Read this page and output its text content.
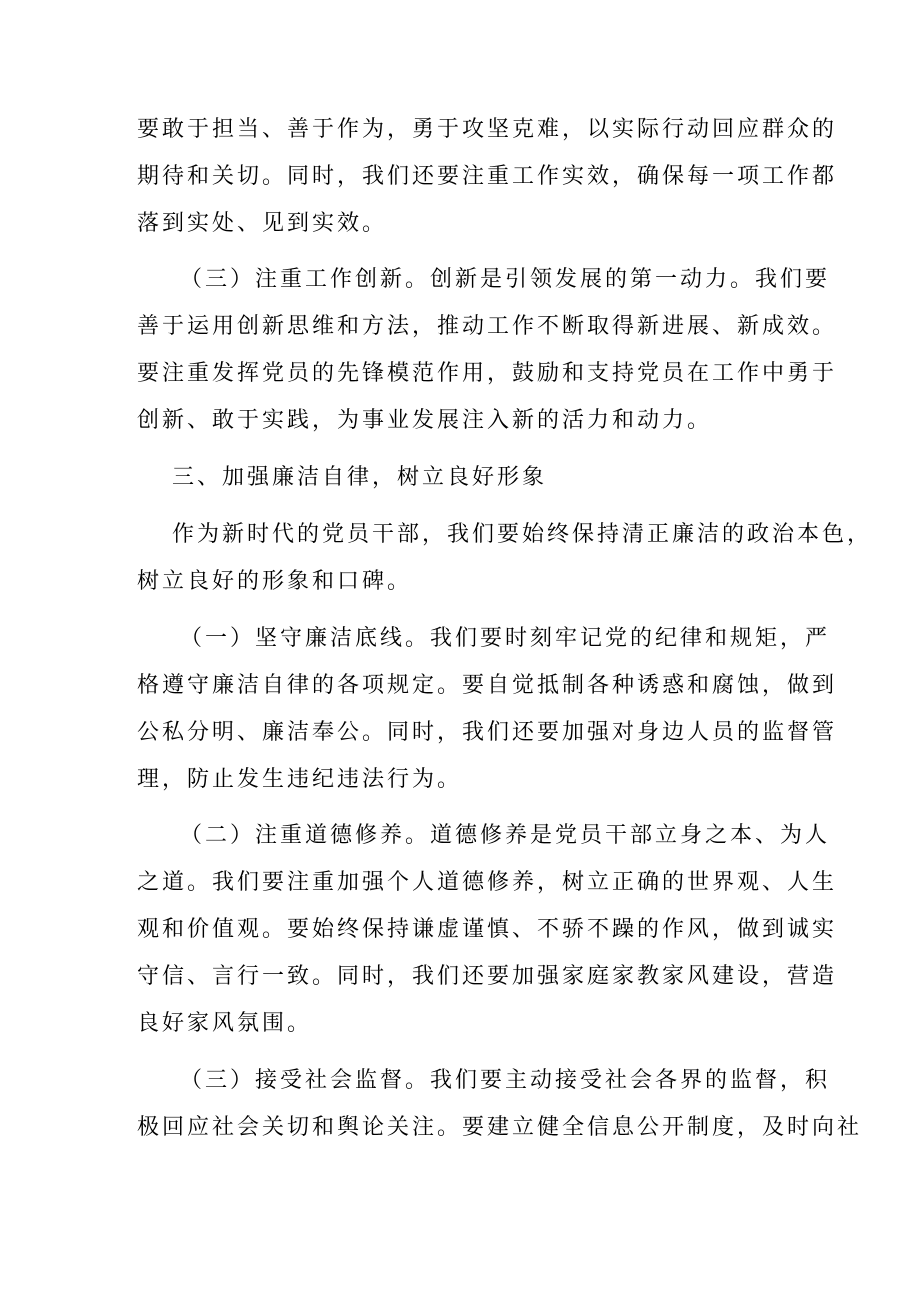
要敢于担当、善于作为，勇于攻坚克难，以实际行动回应群众的
期待和关切。同时，我们还要注重工作实效，确保每一项工作都
落到实处、见到实效。
（三）注重工作创新。创新是引领发展的第一动力。我们要
善于运用创新思维和方法，推动工作不断取得新进展、新成效。
要注重发挥党员的先锋模范作用，鼓励和支持党员在工作中勇于
创新、敢于实践，为事业发展注入新的活力和动力。
三、加强廉洁自律，树立良好形象
作为新时代的党员干部，我们要始终保持清正廉洁的政治本色，
树立良好的形象和口碑。
（一）坚守廉洁底线。我们要时刻牢记党的纪律和规矩，严
格遵守廉洁自律的各项规定。要自觉抵制各种诱惑和腐蚀，做到
公私分明、廉洁奉公。同时，我们还要加强对身边人员的监督管
理，防止发生违纪违法行为。
（二）注重道德修养。道德修养是党员干部立身之本、为人
之道。我们要注重加强个人道德修养，树立正确的世界观、人生
观和价值观。要始终保持谦虚谨慎、不骄不躁的作风，做到诚实
守信、言行一致。同时，我们还要加强家庭家教家风建设，营造
良好家风氛围。
（三）接受社会监督。我们要主动接受社会各界的监督，积
极回应社会关切和舆论关注。要建立健全信息公开制度，及时向社
